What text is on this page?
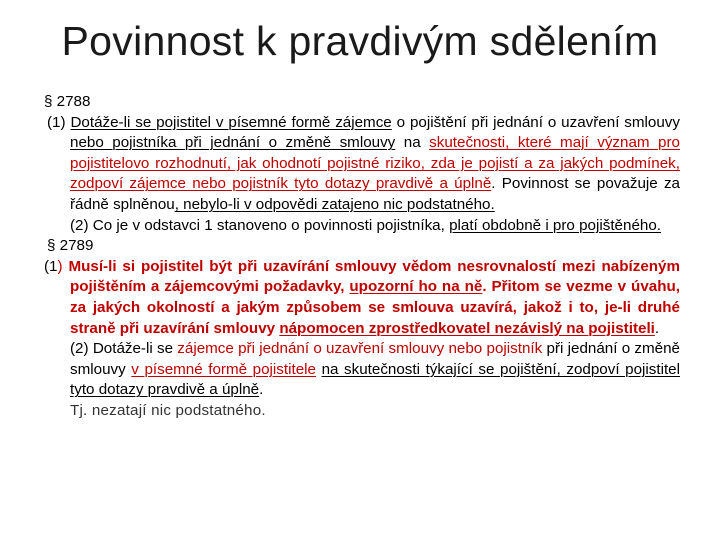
Povinnost k pravdivým sdělením

§ 2788

(1) Dotáže-li se pojistitel v písemné formě zájemce o pojištění při jednání o uzavření smlouvy nebo pojistníka při jednání o změně smlouvy na skutečnosti, které mají význam pro pojistitelovo rozhodnutí, jak ohodnotí pojistné riziko, zda je pojistí a za jakých podmínek, zodpoví zájemce nebo pojistník tyto dotazy pravdivě a úplně. Povinnost se považuje za řádně splněnou, nebylo-li v odpovědi zatajeno nic podstatného.

(2) Co je v odstavci 1 stanoveno o povinnosti pojistníka, platí obdobně i pro pojištěného.

§ 2789

(1) Musí-li si pojistitel být při uzavírání smlouvy vědom nesrovnalostí mezi nabízeným pojištěním a zájemcovými požadavky, upozorní ho na ně. Přitom se vezme v úvahu, za jakých okolností a jakým způsobem se smlouva uzavírá, jakož i to, je-li druhé straně při uzavírání smlouvy nápomocen zprostředkovatel nezávislý na pojistiteli.

(2) Dotáže-li se zájemce při jednání o uzavření smlouvy nebo pojistník při jednání o změně smlouvy v písemné formě pojistitele na skutečnosti týkající se pojištění, zodpoví pojistitel tyto dotazy pravdivě a úplně.

Tj. nezatají nic podstatného.
